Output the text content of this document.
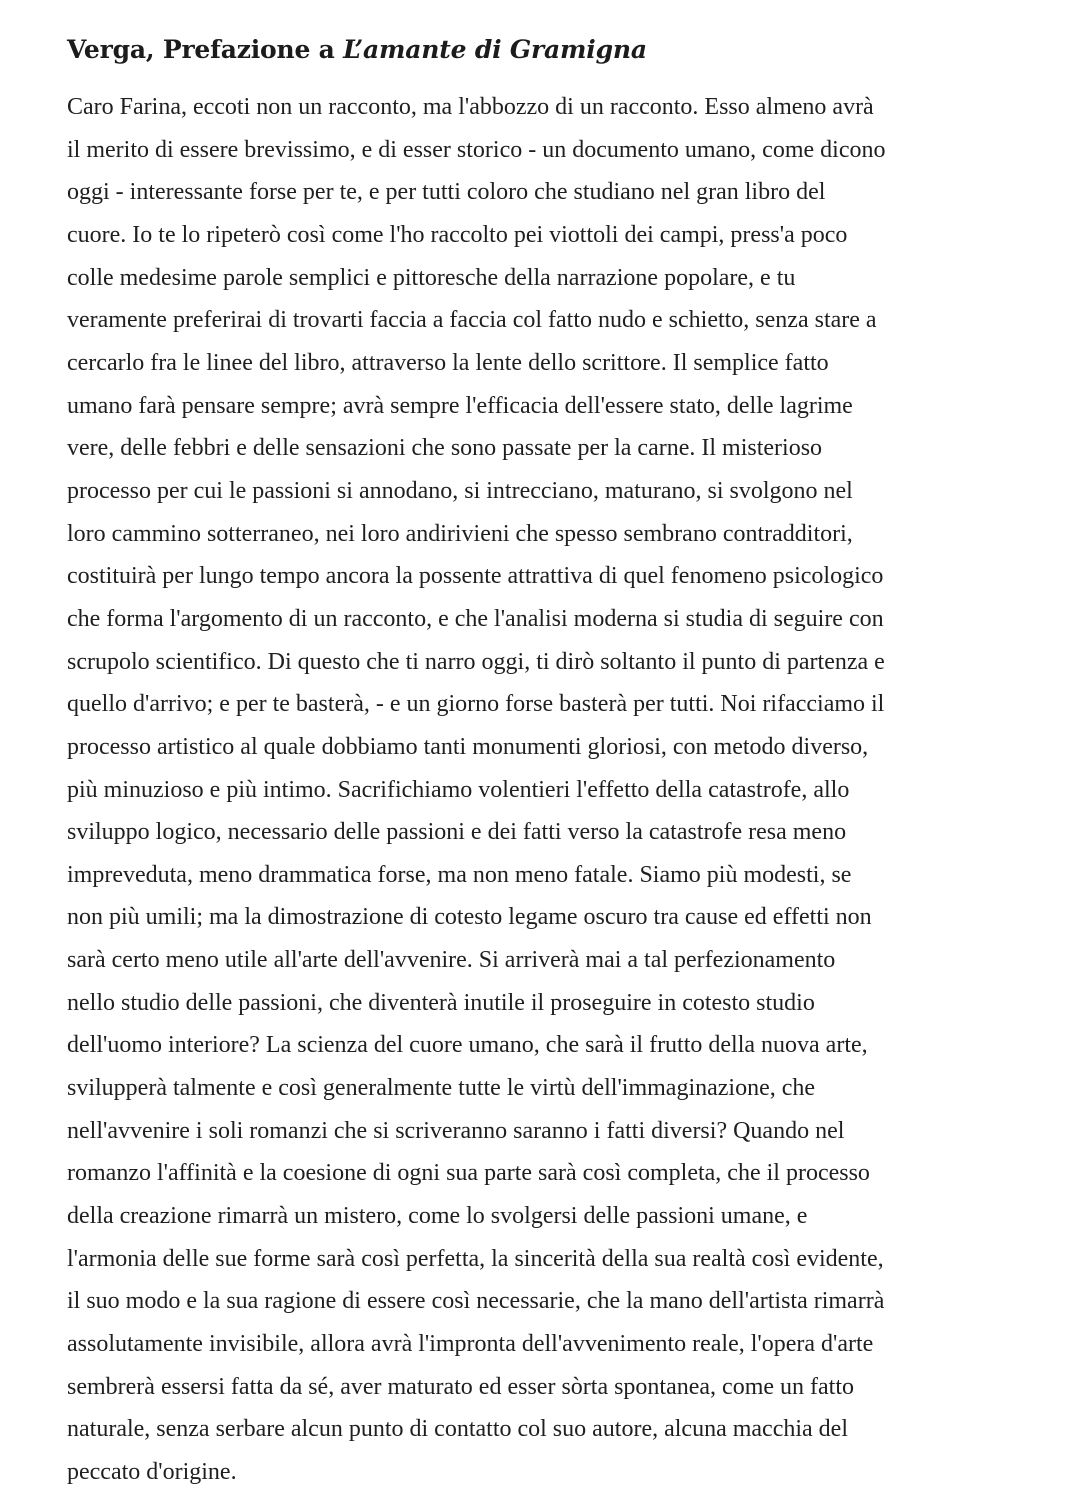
Verga, Prefazione a L’amante di Gramigna

Caro Farina, eccoti non un racconto, ma l'abbozzo di un racconto. Esso almeno avrà
il merito di essere brevissimo, e di esser storico - un documento umano, come dicono
oggi - interessante forse per te, e per tutti coloro che studiano nel gran libro del
cuore. Io te lo ripeterò così come l'ho raccolto pei viottoli dei campi, press'a poco
colle medesime parole semplici e pittoresche della narrazione popolare, e tu
veramente preferirai di trovarti faccia a faccia col fatto nudo e schietto, senza stare a
cercarlo fra le linee del libro, attraverso la lente dello scrittore. Il semplice fatto
umano farà pensare sempre; avrà sempre l'efficacia dell'essere stato, delle lagrime
vere, delle febbri e delle sensazioni che sono passate per la carne. Il misterioso
processo per cui le passioni si annodano, si intrecciano, maturano, si svolgono nel
loro cammino sotterraneo, nei loro andirivieni che spesso sembrano contradditori,
costituirà per lungo tempo ancora la possente attrattiva di quel fenomeno psicologico
che forma l'argomento di un racconto, e che l'analisi moderna si studia di seguire con
scrupolo scientifico. Di questo che ti narro oggi, ti dirò soltanto il punto di partenza e
quello d'arrivo; e per te basterà, - e un giorno forse basterà per tutti. Noi rifacciamo il
processo artistico al quale dobbiamo tanti monumenti gloriosi, con metodo diverso,
più minuzioso e più intimo. Sacrifichiamo volentieri l'effetto della catastrofe, allo
sviluppo logico, necessario delle passioni e dei fatti verso la catastrofe resa meno
impreveduta, meno drammatica forse, ma non meno fatale. Siamo più modesti, se
non più umili; ma la dimostrazione di cotesto legame oscuro tra cause ed effetti non
sarà certo meno utile all'arte dell'avvenire. Si arriverà mai a tal perfezionamento
nello studio delle passioni, che diventerà inutile il proseguire in cotesto studio
dell'uomo interiore? La scienza del cuore umano, che sarà il frutto della nuova arte,
svilupperà talmente e così generalmente tutte le virtù dell'immaginazione, che
nell'avvenire i soli romanzi che si scriveranno saranno i fatti diversi? Quando nel
romanzo l'affinità e la coesione di ogni sua parte sarà così completa, che il processo
della creazione rimarrà un mistero, come lo svolgersi delle passioni umane, e
l'armonia delle sue forme sarà così perfetta, la sincerità della sua realtà così evidente,
il suo modo e la sua ragione di essere così necessarie, che la mano dell'artista rimarrà
assolutamente invisibile, allora avrà l'impronta dell'avvenimento reale, l'opera d'arte
sembrerà essersi fatta da sé, aver maturato ed esser sòrta spontanea, come un fatto
naturale, senza serbare alcun punto di contatto col suo autore, alcuna macchia del
peccato d'origine.
